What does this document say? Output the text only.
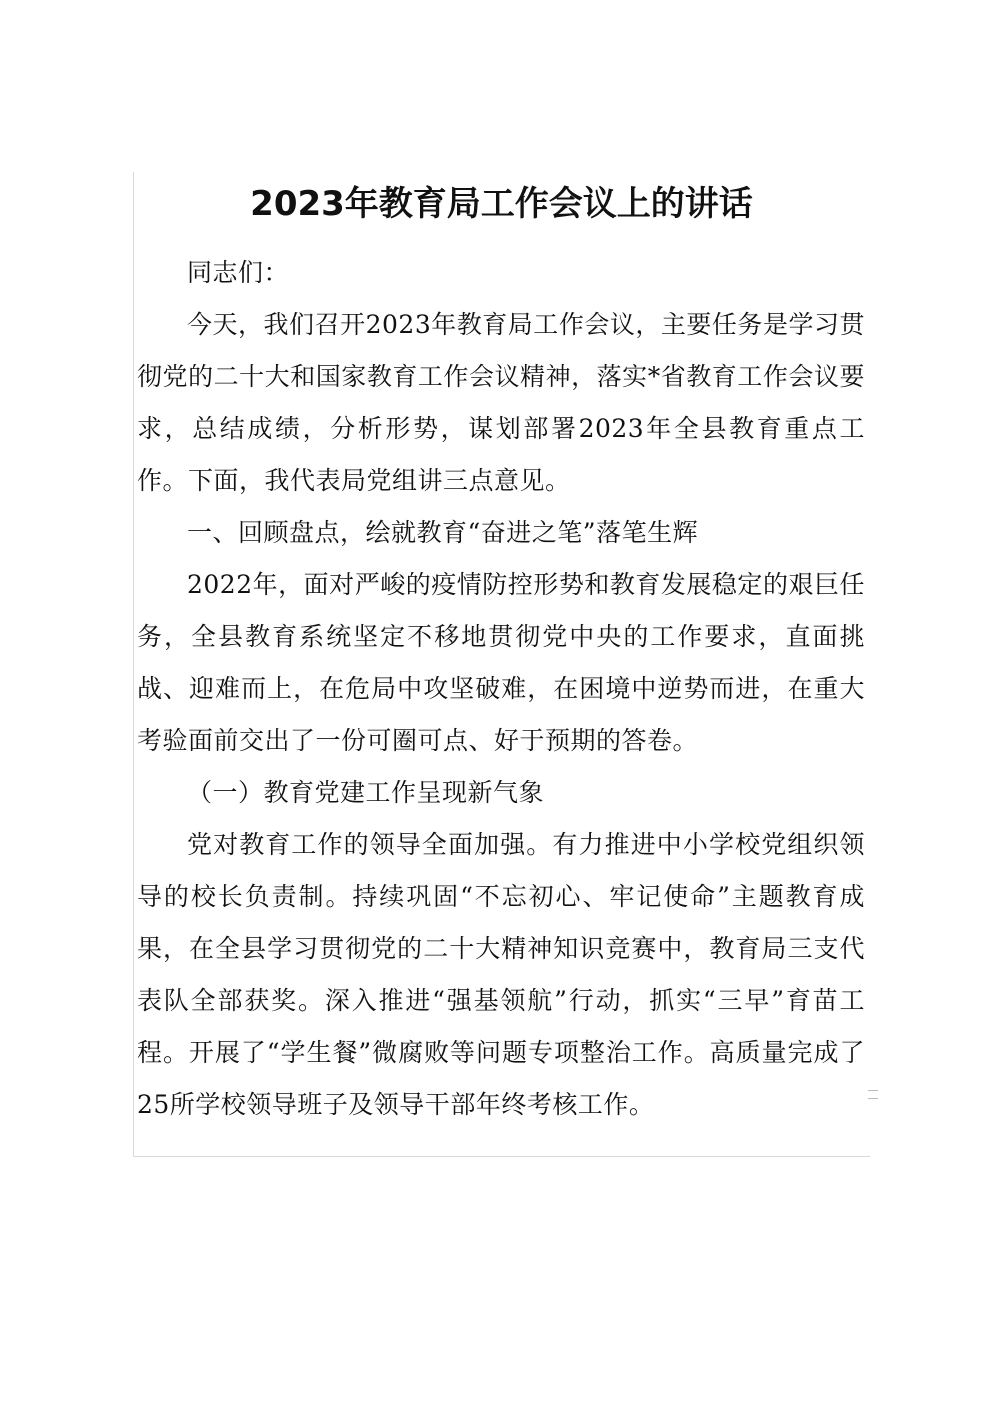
2023年教育局工作会议上的讲话

同志们：

今天，我们召开2023年教育局工作会议，主要任务是学习贯彻党的二十大和国家教育工作会议精神，落实*省教育工作会议要求，总结成绩，分析形势，谋划部署2023年全县教育重点工作。下面，我代表局党组讲三点意见。

一、回顾盘点，绘就教育“奋进之笔”落笔生辉

2022年，面对严峻的疫情防控形势和教育发展稳定的艰巨任务，全县教育系统坚定不移地贯彻党中央的工作要求，直面挑战、迎难而上，在危局中攻坚破难，在困境中逆势而进，在重大考验面前交出了一份可圈可点、好于预期的答卷。

（一）教育党建工作呈现新气象

党对教育工作的领导全面加强。有力推进中小学校党组织领导的校长负责制。持续巩固“不忘初心、牢记使命”主题教育成果，在全县学习贯彻党的二十大精神知识竞赛中，教育局三支代表队全部获奖。深入推进“强基领航”行动，抓实“三早”育苗工程。开展了“学生餐”微腐败等问题专项整治工作。高质量完成了25所学校领导班子及领导干部年终考核工作。
